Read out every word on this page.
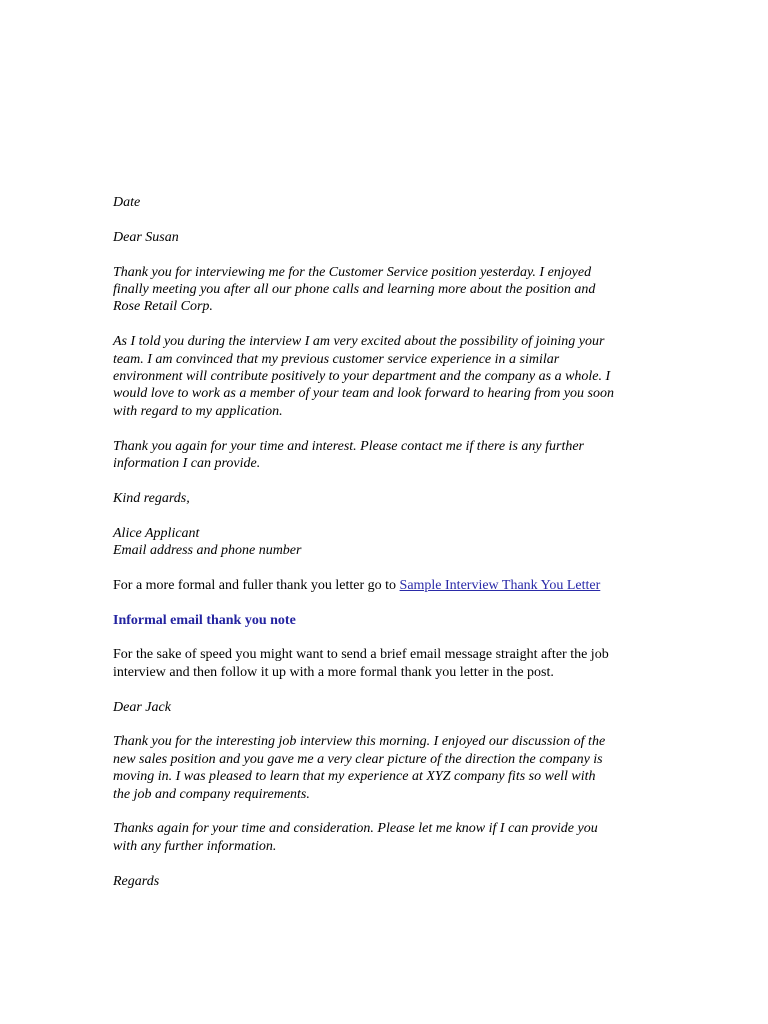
Date
Dear Susan
Thank you for interviewing me for the Customer Service position yesterday. I enjoyed
finally meeting you after all our phone calls and learning more about the position and
Rose Retail Corp.
As I told you during the interview I am very excited about the possibility of joining your
team. I am convinced that my previous customer service experience in a similar
environment will contribute positively to your department and the company as a whole. I
would love to work as a member of your team and look forward to hearing from you soon
with regard to my application.
Thank you again for your time and interest. Please contact me if there is any further
information I can provide.
Kind regards,
Alice Applicant
Email address and phone number
For a more formal and fuller thank you letter go to Sample Interview Thank You Letter
Informal email thank you note
For the sake of speed you might want to send a brief email message straight after the job
interview and then follow it up with a more formal thank you letter in the post.
Dear Jack
Thank you for the interesting job interview this morning. I enjoyed our discussion of the
new sales position and you gave me a very clear picture of the direction the company is
moving in. I was pleased to learn that my experience at XYZ company fits so well with
the job and company requirements.
Thanks again for your time and consideration. Please let me know if I can provide you
with any further information.
Regards
